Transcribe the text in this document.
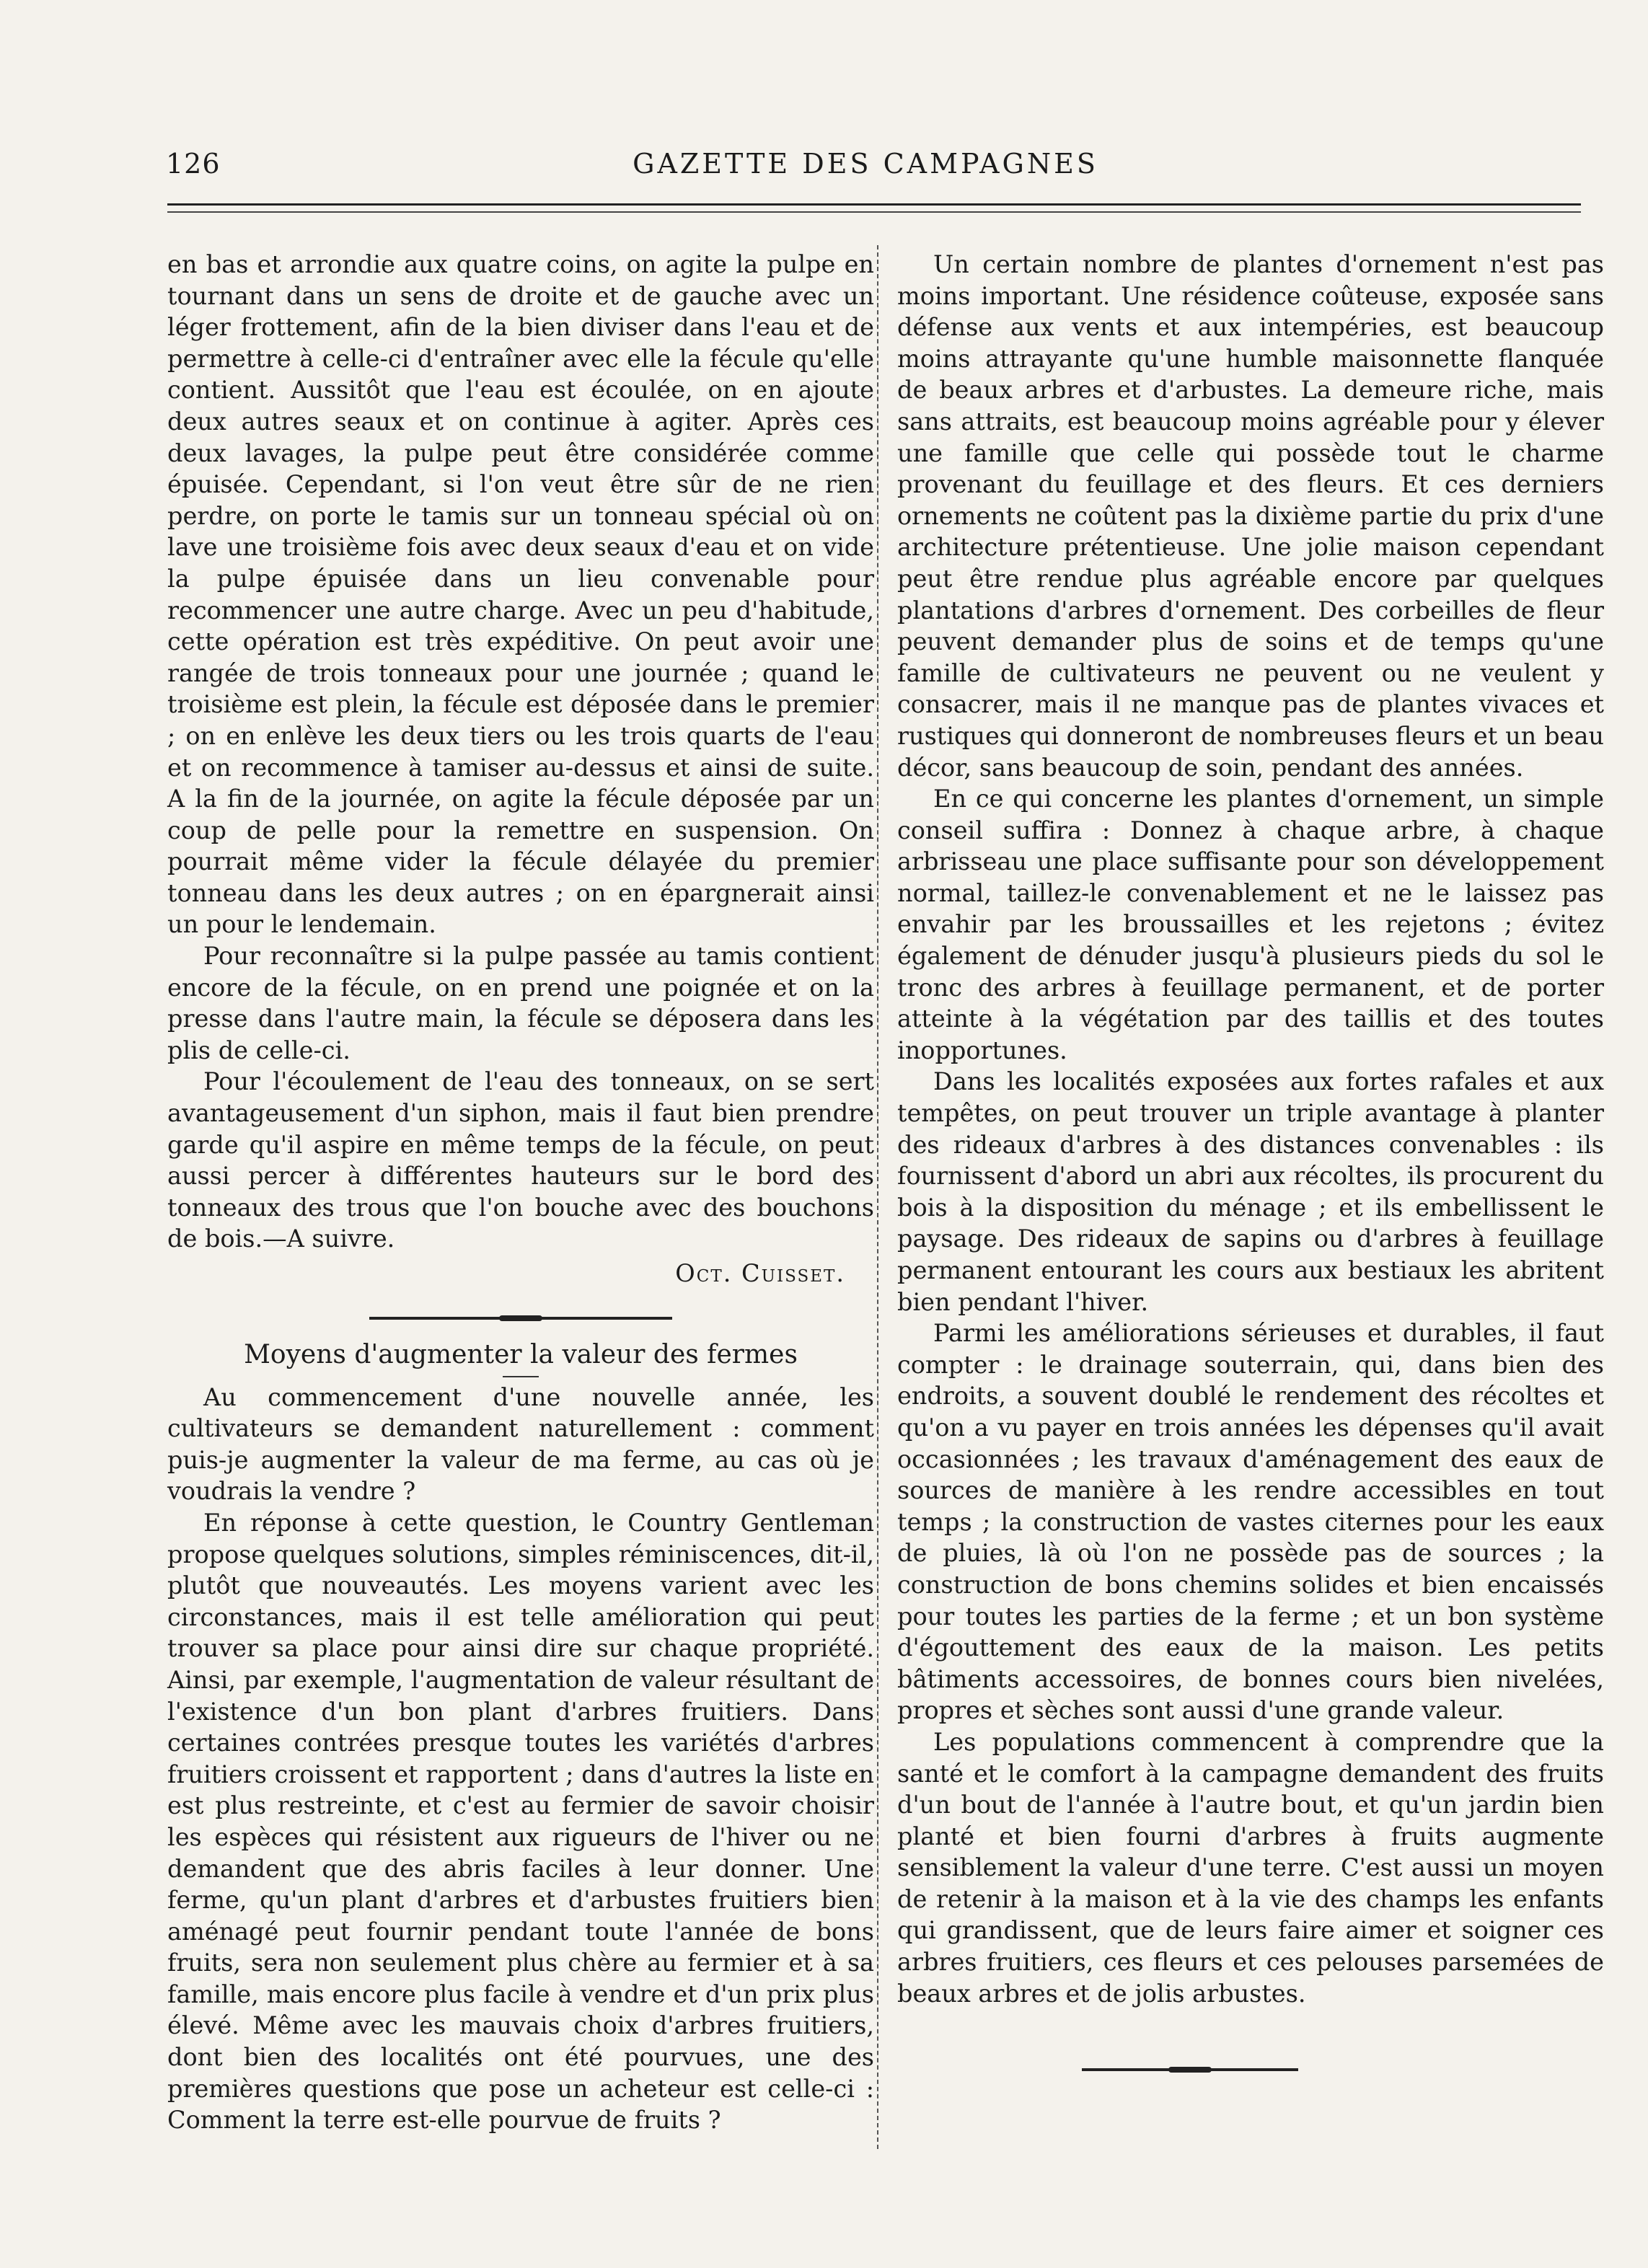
126	GAZETTE DES CAMPAGNES

en bas et arrondie aux quatre coins, on agite la pulpe en tournant dans un sens de droite et de gauche avec un léger frottement, afin de la bien diviser dans l'eau et de permettre à celle-ci d'entraîner avec elle la fécule qu'elle contient. Aussitôt que l'eau est écoulée, on en ajoute deux autres seaux et on continue à agiter. Après ces deux lavages, la pulpe peut être considérée comme épuisée. Cependant, si l'on veut être sûr de ne rien perdre, on porte le tamis sur un tonneau spécial où on lave une troisième fois avec deux seaux d'eau et on vide la pulpe épuisée dans un lieu convenable pour recommencer une autre charge. Avec un peu d'habitude, cette opération est très expéditive. On peut avoir une rangée de trois tonneaux pour une journée ; quand le troisième est plein, la fécule est déposée dans le premier ; on en enlève les deux tiers ou les trois quarts de l'eau et on recommence à tamiser au-dessus et ainsi de suite. A la fin de la journée, on agite la fécule déposée par un coup de pelle pour la remettre en suspension. On pourrait même vider la fécule délayée du premier tonneau dans les deux autres ; on en épargnerait ainsi un pour le lendemain.

Pour reconnaître si la pulpe passée au tamis contient encore de la fécule, on en prend une poignée et on la presse dans l'autre main, la fécule se déposera dans les plis de celle-ci.

Pour l'écoulement de l'eau des tonneaux, on se sert avantageusement d'un siphon, mais il faut bien prendre garde qu'il aspire en même temps de la fécule, on peut aussi percer à différentes hauteurs sur le bord des tonneaux des trous que l'on bouche avec des bouchons de bois.—A suivre.

Oct. Cuisset.

Moyens d'augmenter la valeur des fermes

Au commencement d'une nouvelle année, les cultivateurs se demandent naturellement : comment puis-je augmenter la valeur de ma ferme, au cas où je voudrais la vendre ?

En réponse à cette question, le Country Gentleman propose quelques solutions, simples réminiscences, dit-il, plutôt que nouveautés. Les moyens varient avec les circonstances, mais il est telle amélioration qui peut trouver sa place pour ainsi dire sur chaque propriété. Ainsi, par exemple, l'augmentation de valeur résultant de l'existence d'un bon plant d'arbres fruitiers. Dans certaines contrées presque toutes les variétés d'arbres fruitiers croissent et rapportent ; dans d'autres la liste en est plus restreinte, et c'est au fermier de savoir choisir les espèces qui résistent aux rigueurs de l'hiver ou ne demandent que des abris faciles à leur donner. Une ferme, qu'un plant d'arbres et d'arbustes fruitiers bien aménagé peut fournir pendant toute l'année de bons fruits, sera non seulement plus chère au fermier et à sa famille, mais encore plus facile à vendre et d'un prix plus élevé. Même avec les mauvais choix d'arbres fruitiers, dont bien des localités ont été pourvues, une des premières questions que pose un acheteur est celle-ci : Comment la terre est-elle pourvue de fruits ?

Un certain nombre de plantes d'ornement n'est pas moins important. Une résidence coûteuse, exposée sans défense aux vents et aux intempéries, est beaucoup moins attrayante qu'une humble maisonnette flanquée de beaux arbres et d'arbustes. La demeure riche, mais sans attraits, est beaucoup moins agréable pour y élever une famille que celle qui possède tout le charme provenant du feuillage et des fleurs. Et ces derniers ornements ne coûtent pas la dixième partie du prix d'une architecture prétentieuse. Une jolie maison cependant peut être rendue plus agréable encore par quelques plantations d'arbres d'ornement. Des corbeilles de fleur peuvent demander plus de soins et de temps qu'une famille de cultivateurs ne peuvent ou ne veulent y consacrer, mais il ne manque pas de plantes vivaces et rustiques qui donneront de nombreuses fleurs et un beau décor, sans beaucoup de soin, pendant des années.

En ce qui concerne les plantes d'ornement, un simple conseil suffira : Donnez à chaque arbre, à chaque arbrisseau une place suffisante pour son développement normal, taillez-le convenablement et ne le laissez pas envahir par les broussailles et les rejetons ; évitez également de dénuder jusqu'à plusieurs pieds du sol le tronc des arbres à feuillage permanent, et de porter atteinte à la végétation par des taillis et des toutes inopportunes.

Dans les localités exposées aux fortes rafales et aux tempêtes, on peut trouver un triple avantage à planter des rideaux d'arbres à des distances convenables : ils fournissent d'abord un abri aux récoltes, ils procurent du bois à la disposition du ménage ; et ils embellissent le paysage. Des rideaux de sapins ou d'arbres à feuillage permanent entourant les cours aux bestiaux les abritent bien pendant l'hiver.

Parmi les améliorations sérieuses et durables, il faut compter : le drainage souterrain, qui, dans bien des endroits, a souvent doublé le rendement des récoltes et qu'on a vu payer en trois années les dépenses qu'il avait occasionnées ; les travaux d'aménagement des eaux de sources de manière à les rendre accessibles en tout temps ; la construction de vastes citernes pour les eaux de pluies, là où l'on ne possède pas de sources ; la construction de bons chemins solides et bien encaissés pour toutes les parties de la ferme ; et un bon système d'égouttement des eaux de la maison. Les petits bâtiments accessoires, de bonnes cours bien nivelées, propres et sèches sont aussi d'une grande valeur.

Les populations commencent à comprendre que la santé et le comfort à la campagne demandent des fruits d'un bout de l'année à l'autre bout, et qu'un jardin bien planté et bien fourni d'arbres à fruits augmente sensiblement la valeur d'une terre. C'est aussi un moyen de retenir à la maison et à la vie des champs les enfants qui grandissent, que de leurs faire aimer et soigner ces arbres fruitiers, ces fleurs et ces pelouses parsemées de beaux arbres et de jolis arbustes.
